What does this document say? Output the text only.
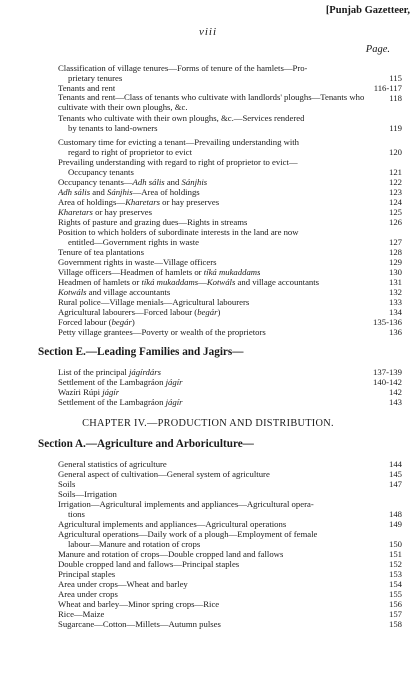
viii
[Punjab Gazetteer,
Page.
Classification of village tenures—Forms of tenure of the hamlets—Pro-
prietary tenures	115
Tenants and rent	116-117
Tenants and rent—Class of tenants who cultivate with landlords' ploughs—Tenants who cultivate with their own ploughs, &c.
118
Tenants who cultivate with their own ploughs, &c.—Services rendered
by tenants to land-owners	119
Customary time for evicting a tenant—Prevailing understanding with
regard to right of proprietor to evict	120
Prevailing understanding with regard to right of proprietor to evict—
Occupancy tenants	121
Occupancy tenants—Adh sális and Sánjhis	122
Adh sális and Sánjhis—Area of holdings	123
Area of holdings—Kharetars or hay preserves	124
Kharetars or hay preserves	125
Rights of pasture and grazing dues—Rights in streams	126
Position to which holders of subordinate interests in the land are now
entitled—Government rights in waste	127
Tenure of tea plantations	128
Government rights in waste—Village officers	129
Village officers—Headmen of hamlets or tíká mukaddams	130
Headmen of hamlets or tíká mukaddams—Kotwáls and village accountants	131
Kotwáls and village accountants	132
Rural police—Village menials—Agricultural labourers	133
Agricultural labourers—Forced labour (begár)	134
Forced labour (begár)	135-136
Petty village grantees—Poverty or wealth of the proprietors	136
Section E.—Leading Families and Jagirs—
List of the principal jágírdárs	137-139
Settlement of the Lambagráon jágír	140-142
Wazíri Rúpi jágír	142
Settlement of the Lambagráon jágír	143
CHAPTER IV.—PRODUCTION AND DISTRIBUTION.
Section A.—Agriculture and Arboriculture—
General statistics of agriculture	144
General aspect of cultivation—General system of agriculture	145
Soils	147
Soils—Irrigation
Irrigation—Agricultural implements and appliances—Agricultural opera-
tions	148
Agricultural implements and appliances—Agricultural operations	149
Agricultural operations—Daily work of a plough—Employment of female
labour—Manure and rotation of crops	150
Manure and rotation of crops—Double cropped land and fallows	151
Double cropped land and fallows—Principal staples	152
Principal staples	153
Area under crops—Wheat and barley	154
Area under crops	155
Wheat and barley—Minor spring crops—Rice	156
Rice—Maize	157
Sugarcane—Cotton—Millets—Autumn pulses	158
